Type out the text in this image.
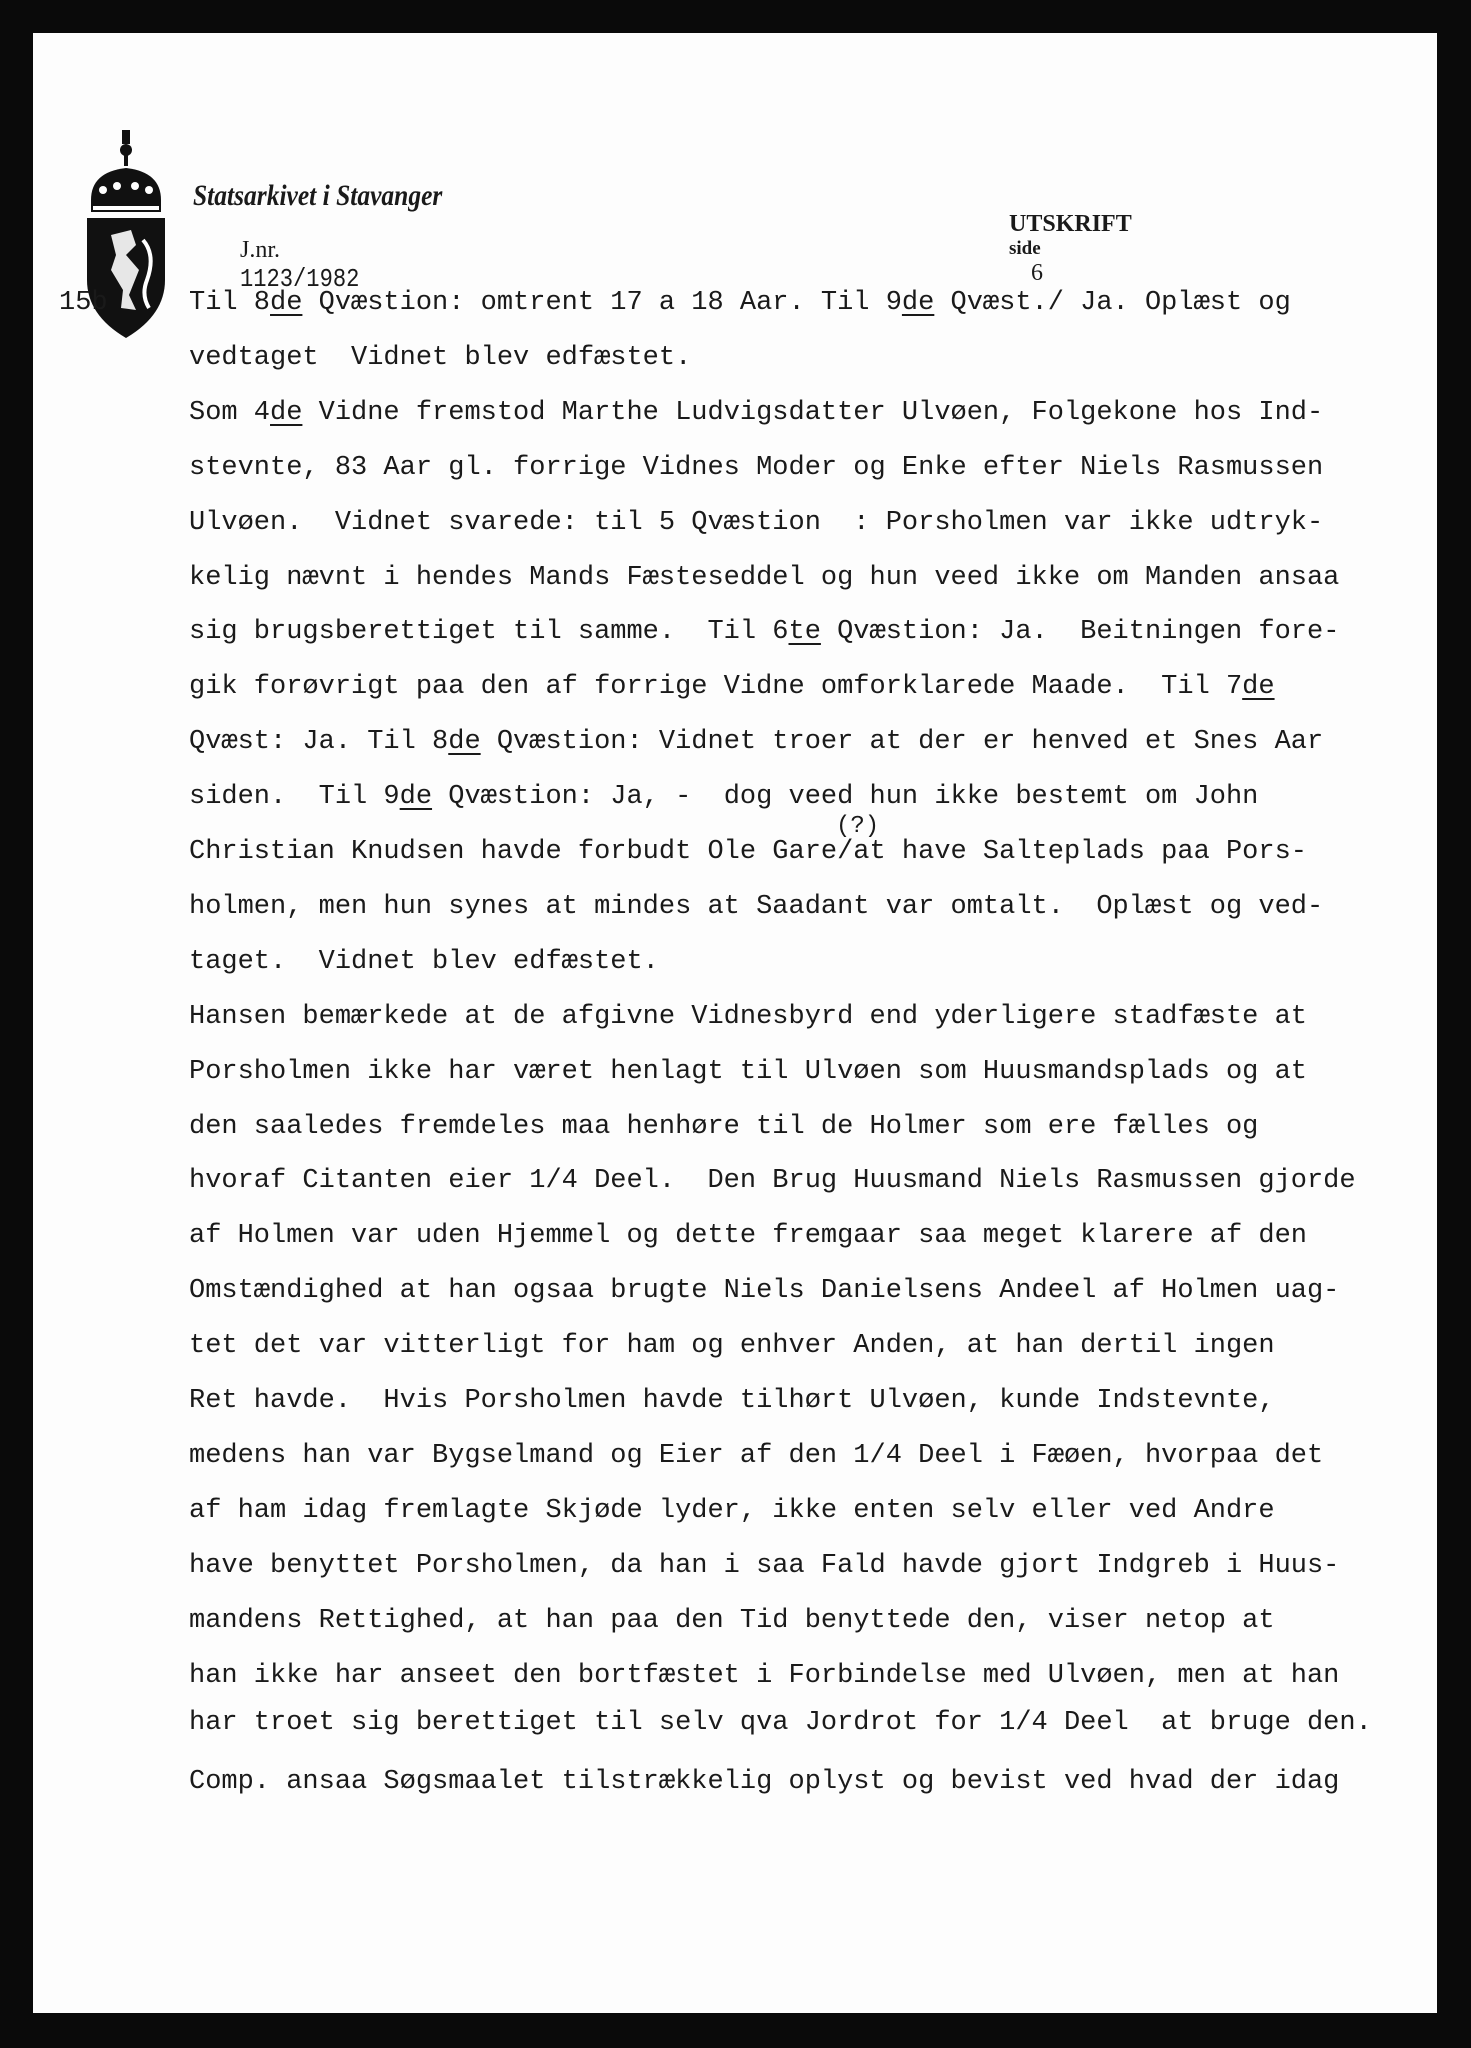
Statsarkivet i Stavanger

J.nr.
1123/1982

UTSKRIFT
side
6

15b
(?)
Til 8de Qvæstion: omtrent 17 a 18 Aar. Til 9de Qvæst./ Ja. Oplæst og
vedtaget  Vidnet blev edfæstet.
Som 4de Vidne fremstod Marthe Ludvigsdatter Ulvøen, Folgekone hos Ind-
stevnte, 83 Aar gl. forrige Vidnes Moder og Enke efter Niels Rasmussen
Ulvøen.  Vidnet svarede: til 5 Qvæstion  : Porsholmen var ikke udtryk-
kelig nævnt i hendes Mands Fæsteseddel og hun veed ikke om Manden ansaa
sig brugsberettiget til samme.  Til 6te Qvæstion: Ja.  Beitningen fore-
gik forøvrigt paa den af forrige Vidne omforklarede Maade.  Til 7de
Qvæst: Ja. Til 8de Qvæstion: Vidnet troer at der er henved et Snes Aar
siden.  Til 9de Qvæstion: Ja, -  dog veed hun ikke bestemt om John
Christian Knudsen havde forbudt Ole Gare/at have Salteplads paa Pors-
holmen, men hun synes at mindes at Saadant var omtalt.  Oplæst og ved-
taget.  Vidnet blev edfæstet.
Hansen bemærkede at de afgivne Vidnesbyrd end yderligere stadfæste at
Porsholmen ikke har været henlagt til Ulvøen som Huusmandsplads og at
den saaledes fremdeles maa henhøre til de Holmer som ere fælles og
hvoraf Citanten eier 1/4 Deel.  Den Brug Huusmand Niels Rasmussen gjorde
af Holmen var uden Hjemmel og dette fremgaar saa meget klarere af den
Omstændighed at han ogsaa brugte Niels Danielsens Andeel af Holmen uag-
tet det var vitterligt for ham og enhver Anden, at han dertil ingen
Ret havde.  Hvis Porsholmen havde tilhørt Ulvøen, kunde Indstevnte,
medens han var Bygselmand og Eier af den 1/4 Deel i Fæøen, hvorpaa det
af ham idag fremlagte Skjøde lyder, ikke enten selv eller ved Andre
have benyttet Porsholmen, da han i saa Fald havde gjort Indgreb i Huus-
mandens Rettighed, at han paa den Tid benyttede den, viser netop at
han ikke har anseet den bortfæstet i Forbindelse med Ulvøen, men at han
har troet sig berettiget til selv qva Jordrot for 1/4 Deel  at bruge den.
Comp. ansaa Søgsmaalet tilstrækkelig oplyst og bevist ved hvad der idag
